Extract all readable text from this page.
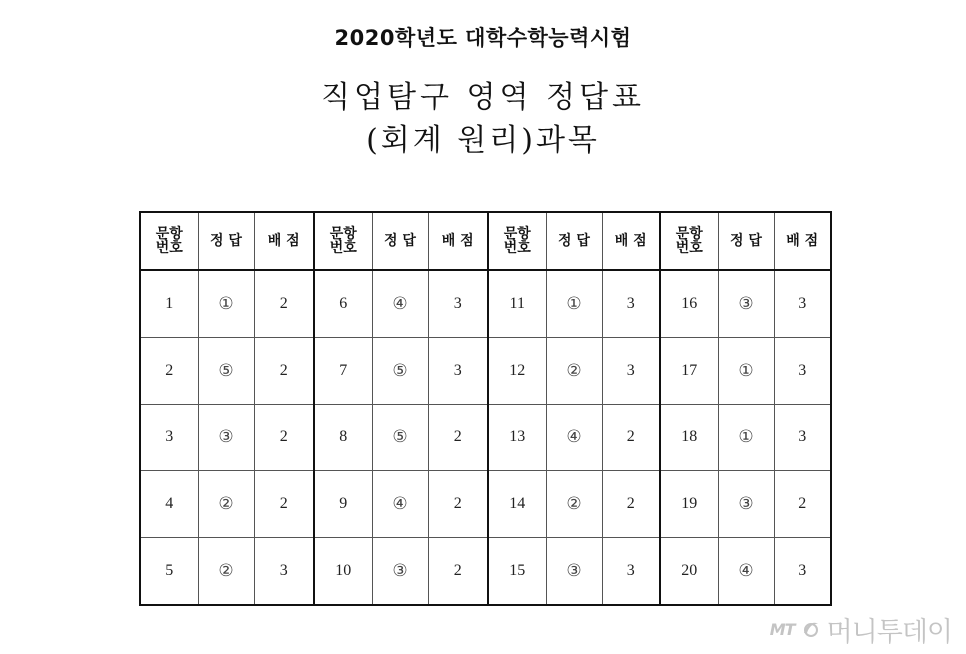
2020학년도 대학수학능력시험
직업탐구 영역 정답표
(회계 원리)과목
문항
번호	정 답	배 점	문항
번호	정 답	배 점	문항
번호	정 답	배 점	문항
번호	정 답	배 점
1	①	2	6	④	3	11	①	3	16	③	3
2	⑤	2	7	⑤	3	12	②	3	17	①	3
3	③	2	8	⑤	2	13	④	2	18	①	3
4	②	2	9	④	2	14	②	2	19	③	2
5	②	3	10	③	2	15	③	3	20	④	3
MT 머니투데이
